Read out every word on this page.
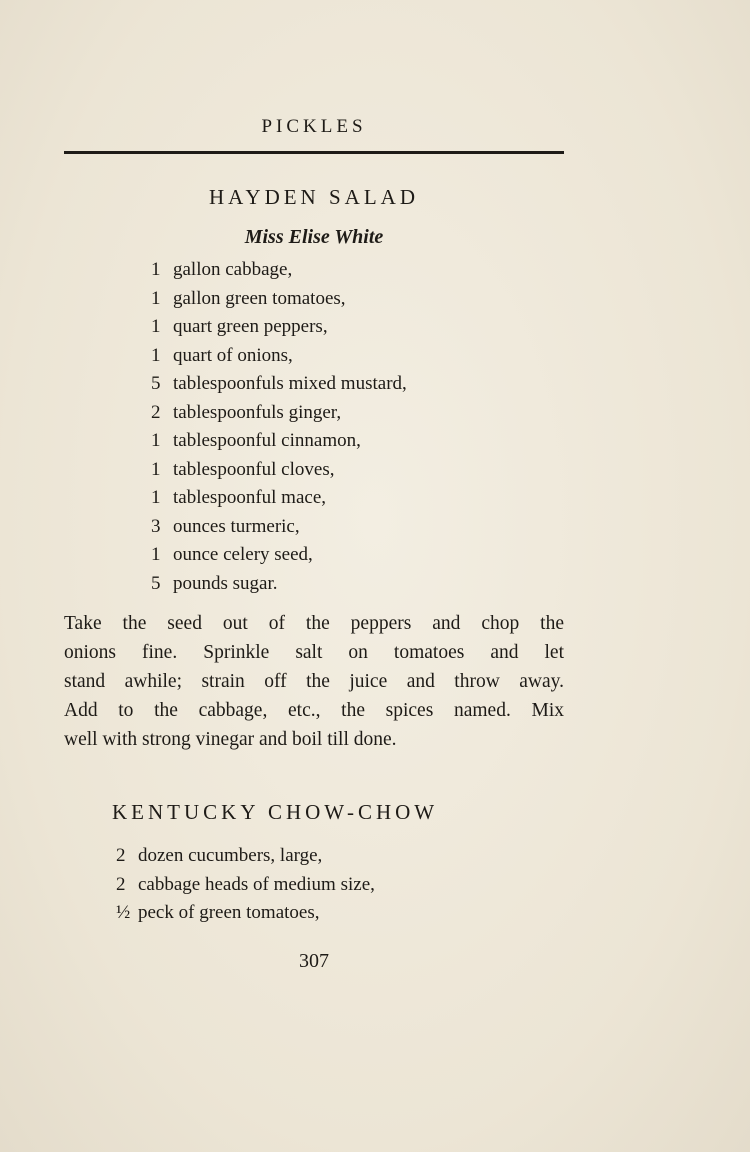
PICKLES
HAYDEN SALAD
Miss Elise White
1 gallon cabbage,
1 gallon green tomatoes,
1 quart green peppers,
1 quart of onions,
5 tablespoonfuls mixed mustard,
2 tablespoonfuls ginger,
1 tablespoonful cinnamon,
1 tablespoonful cloves,
1 tablespoonful mace,
3 ounces turmeric,
1 ounce celery seed,
5 pounds sugar.
Take the seed out of the peppers and chop the
onions fine. Sprinkle salt on tomatoes and let
stand awhile; strain off the juice and throw away.
Add to the cabbage, etc., the spices named. Mix
well with strong vinegar and boil till done.
KENTUCKY CHOW-CHOW
2 dozen cucumbers, large,
2 cabbage heads of medium size,
½ peck of green tomatoes,
307
